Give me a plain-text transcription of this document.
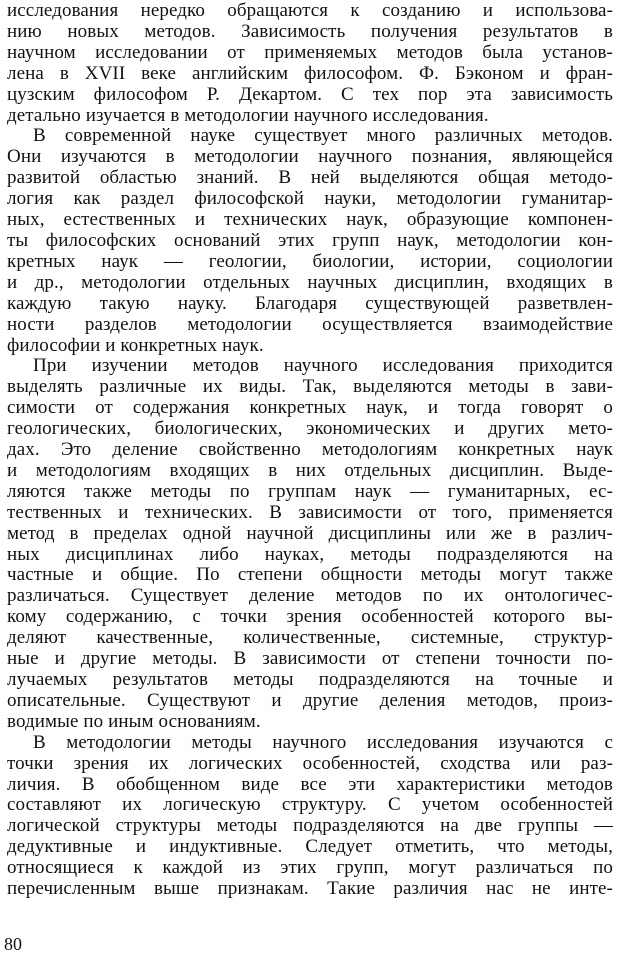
исследования нередко обращаются к созданию и использова-
нию новых методов. Зависимость получения результатов в
научном исследовании от применяемых методов была установ-
лена в XVII веке английским философом. Ф. Бэконом и фран-
цузским философом Р. Декартом. С тех пор эта зависимость
детально изучается в методологии научного исследования.
В современной науке существует много различных методов.
Они изучаются в методологии научного познания, являющейся
развитой областью знаний. В ней выделяются общая методо-
логия как раздел философской науки, методологии гуманитар-
ных, естественных и технических наук, образующие компонен-
ты философских оснований этих групп наук, методологии кон-
кретных наук — геологии, биологии, истории, социологии
и др., методологии отдельных научных дисциплин, входящих в
каждую такую науку. Благодаря существующей разветвлен-
ности разделов методологии осуществляется взаимодействие
философии и конкретных наук.
При изучении методов научного исследования приходится
выделять различные их виды. Так, выделяются методы в зави-
симости от содержания конкретных наук, и тогда говорят о
геологических, биологических, экономических и других мето-
дах. Это деление свойственно методологиям конкретных наук
и методологиям входящих в них отдельных дисциплин. Выде-
ляются также методы по группам наук — гуманитарных, ес-
тественных и технических. В зависимости от того, применяется
метод в пределах одной научной дисциплины или же в различ-
ных дисциплинах либо науках, методы подразделяются на
частные и общие. По степени общности методы могут также
различаться. Существует деление методов по их онтологичес-
кому содержанию, с точки зрения особенностей которого вы-
деляют качественные, количественные, системные, структур-
ные и другие методы. В зависимости от степени точности по-
лучаемых результатов методы подразделяются на точные и
описательные. Существуют и другие деления методов, произ-
водимые по иным основаниям.
В методологии методы научного исследования изучаются с
точки зрения их логических особенностей, сходства или раз-
личия. В обобщенном виде все эти характеристики методов
составляют их логическую структуру. С учетом особенностей
логической структуры методы подразделяются на две группы —
дедуктивные и индуктивные. Следует отметить, что методы,
относящиеся к каждой из этих групп, могут различаться по
перечисленным выше признакам. Такие различия нас не инте-
80
